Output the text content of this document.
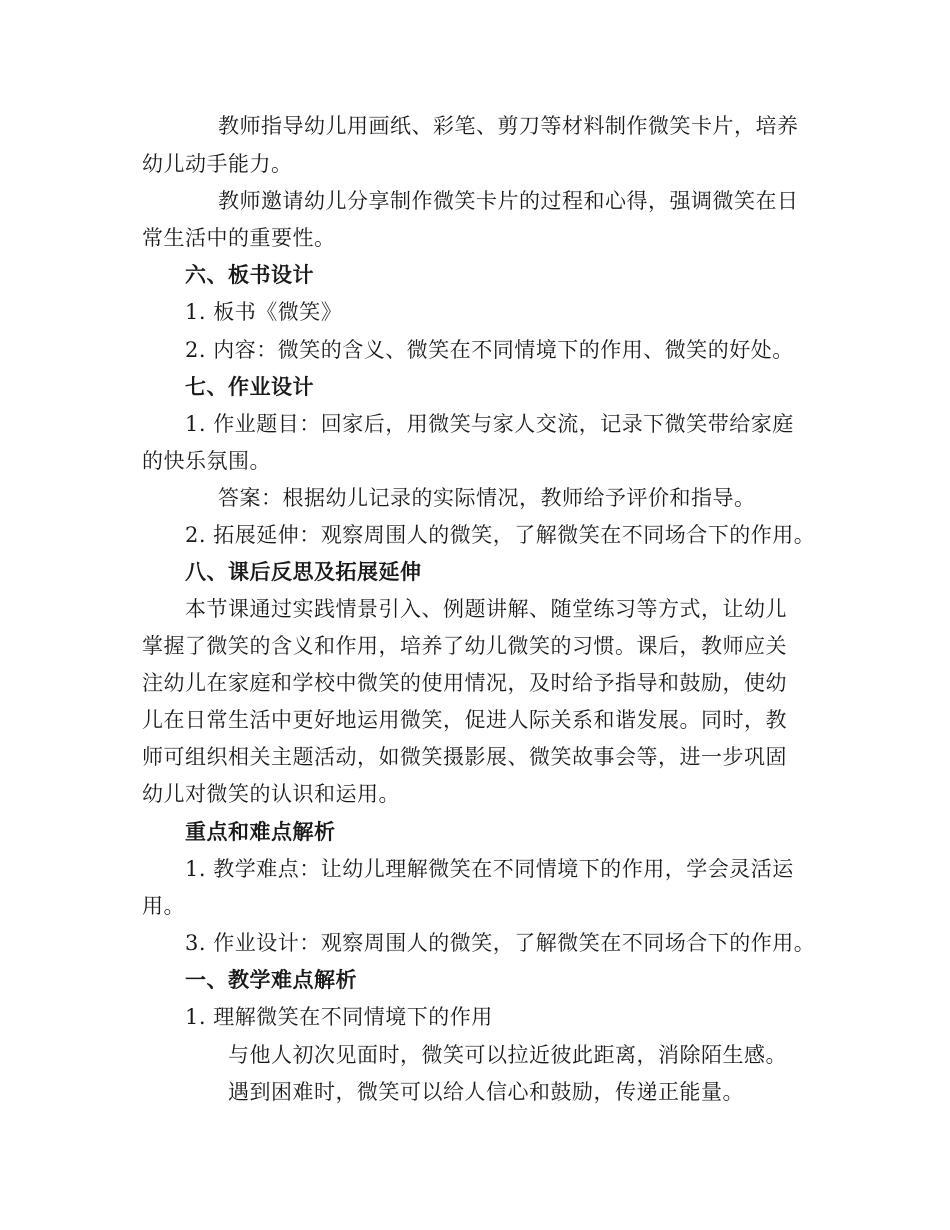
教师指导幼儿用画纸、彩笔、剪刀等材料制作微笑卡片，培养
幼儿动手能力。
教师邀请幼儿分享制作微笑卡片的过程和心得，强调微笑在日
常生活中的重要性。
六、板书设计
1. 板书《微笑》
2. 内容：微笑的含义、微笑在不同情境下的作用、微笑的好处。
七、作业设计
1. 作业题目：回家后，用微笑与家人交流，记录下微笑带给家庭
的快乐氛围。
答案：根据幼儿记录的实际情况，教师给予评价和指导。
2. 拓展延伸：观察周围人的微笑，了解微笑在不同场合下的作用。
八、课后反思及拓展延伸
本节课通过实践情景引入、例题讲解、随堂练习等方式，让幼儿
掌握了微笑的含义和作用，培养了幼儿微笑的习惯。课后，教师应关
注幼儿在家庭和学校中微笑的使用情况，及时给予指导和鼓励，使幼
儿在日常生活中更好地运用微笑，促进人际关系和谐发展。同时，教
师可组织相关主题活动，如微笑摄影展、微笑故事会等，进一步巩固
幼儿对微笑的认识和运用。
重点和难点解析
1. 教学难点：让幼儿理解微笑在不同情境下的作用，学会灵活运
用。
3. 作业设计：观察周围人的微笑，了解微笑在不同场合下的作用。
一、教学难点解析
1. 理解微笑在不同情境下的作用
与他人初次见面时，微笑可以拉近彼此距离，消除陌生感。
遇到困难时，微笑可以给人信心和鼓励，传递正能量。
